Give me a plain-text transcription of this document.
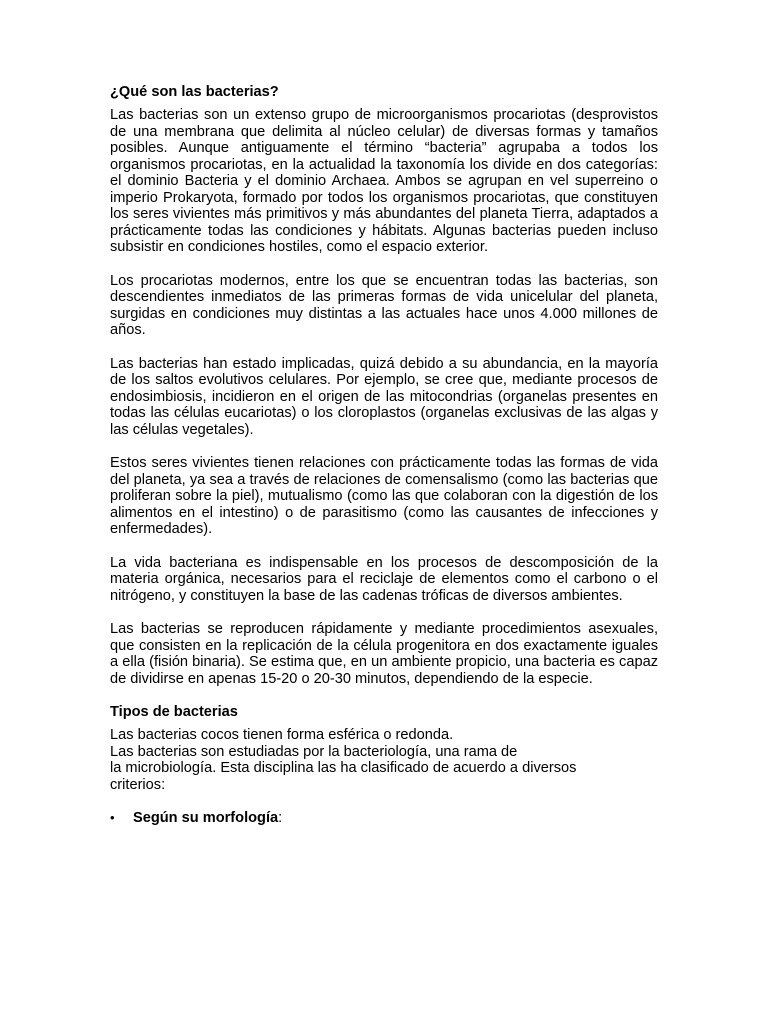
¿Qué son las bacterias?

Las bacterias son un extenso grupo de microorganismos procariotas (desprovistos de una membrana que delimita al núcleo celular) de diversas formas y tamaños posibles. Aunque antiguamente el término “bacteria” agrupaba a todos los organismos procariotas, en la actualidad la taxonomía los divide en dos categorías: el dominio Bacteria y el dominio Archaea. Ambos se agrupan en vel superreino o imperio Prokaryota, formado por todos los organismos procariotas, que constituyen los seres vivientes más primitivos y más abundantes del planeta Tierra, adaptados a prácticamente todas las condiciones y hábitats. Algunas bacterias pueden incluso subsistir en condiciones hostiles, como el espacio exterior.

Los procariotas modernos, entre los que se encuentran todas las bacterias, son descendientes inmediatos de las primeras formas de vida unicelular del planeta, surgidas en condiciones muy distintas a las actuales hace unos 4.000 millones de años.

Las bacterias han estado implicadas, quizá debido a su abundancia, en la mayoría de los saltos evolutivos celulares. Por ejemplo, se cree que, mediante procesos de endosimbiosis, incidieron en el origen de las mitocondrias (organelas presentes en todas las células eucariotas) o los cloroplastos (organelas exclusivas de las algas y las células vegetales).

Estos seres vivientes tienen relaciones con prácticamente todas las formas de vida del planeta, ya sea a través de relaciones de comensalismo (como las bacterias que proliferan sobre la piel), mutualismo (como las que colaboran con la digestión de los alimentos en el intestino) o de parasitismo (como las causantes de infecciones y enfermedades).

La vida bacteriana es indispensable en los procesos de descomposición de la materia orgánica, necesarios para el reciclaje de elementos como el carbono o el nitrógeno, y constituyen la base de las cadenas tróficas de diversos ambientes.

Las bacterias se reproducen rápidamente y mediante procedimientos asexuales, que consisten en la replicación de la célula progenitora en dos exactamente iguales a ella (fisión binaria). Se estima que, en un ambiente propicio, una bacteria es capaz de dividirse en apenas 15-20 o 20-30 minutos, dependiendo de la especie.

Tipos de bacterias
Las bacterias cocos tienen forma esférica o redonda.
Las bacterias son estudiadas por la bacteriología, una rama de
la microbiología. Esta disciplina las ha clasificado de acuerdo a diversos
criterios:
• Según su morfología:
